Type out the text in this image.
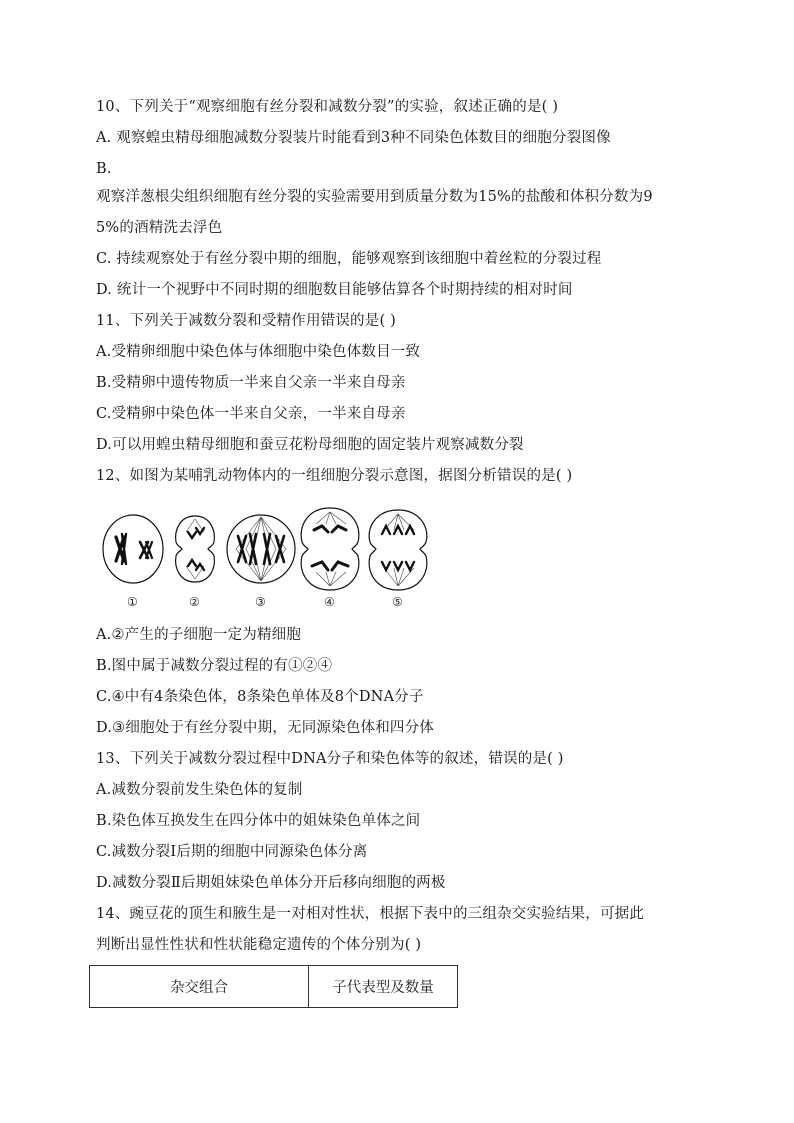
10、下列关于“观察细胞有丝分裂和减数分裂”的实验，叙述正确的是( )
A. 观察蝗虫精母细胞减数分裂装片时能看到3种不同染色体数目的细胞分裂图像
B.
观察洋葱根尖组织细胞有丝分裂的实验需要用到质量分数为15%的盐酸和体积分数为9
5%的酒精洗去浮色
C. 持续观察处于有丝分裂中期的细胞，能够观察到该细胞中着丝粒的分裂过程
D. 统计一个视野中不同时期的细胞数目能够估算各个时期持续的相对时间
11、下列关于减数分裂和受精作用错误的是( )
A.受精卵细胞中染色体与体细胞中染色体数目一致
B.受精卵中遗传物质一半来自父亲一半来自母亲
C.受精卵中染色体一半来自父亲，一半来自母亲
D.可以用蝗虫精母细胞和蚕豆花粉母细胞的固定装片观察减数分裂
12、如图为某哺乳动物体内的一组细胞分裂示意图，据图分析错误的是( )
①	②	③	④	⑤
A.②产生的子细胞一定为精细胞
B.图中属于减数分裂过程的有①②④
C.④中有4条染色体，8条染色单体及8个DNA分子
D.③细胞处于有丝分裂中期，无同源染色体和四分体
13、下列关于减数分裂过程中DNA分子和染色体等的叙述，错误的是( )
A.减数分裂前发生染色体的复制
B.染色体互换发生在四分体中的姐妹染色单体之间
C.减数分裂Ⅰ后期的细胞中同源染色体分离
D.减数分裂Ⅱ后期姐妹染色单体分开后移向细胞的两极
14、豌豆花的顶生和腋生是一对相对性状，根据下表中的三组杂交实验结果，可据此
判断出显性性状和性状能稳定遗传的个体分别为( )
杂交组合	子代表型及数量
